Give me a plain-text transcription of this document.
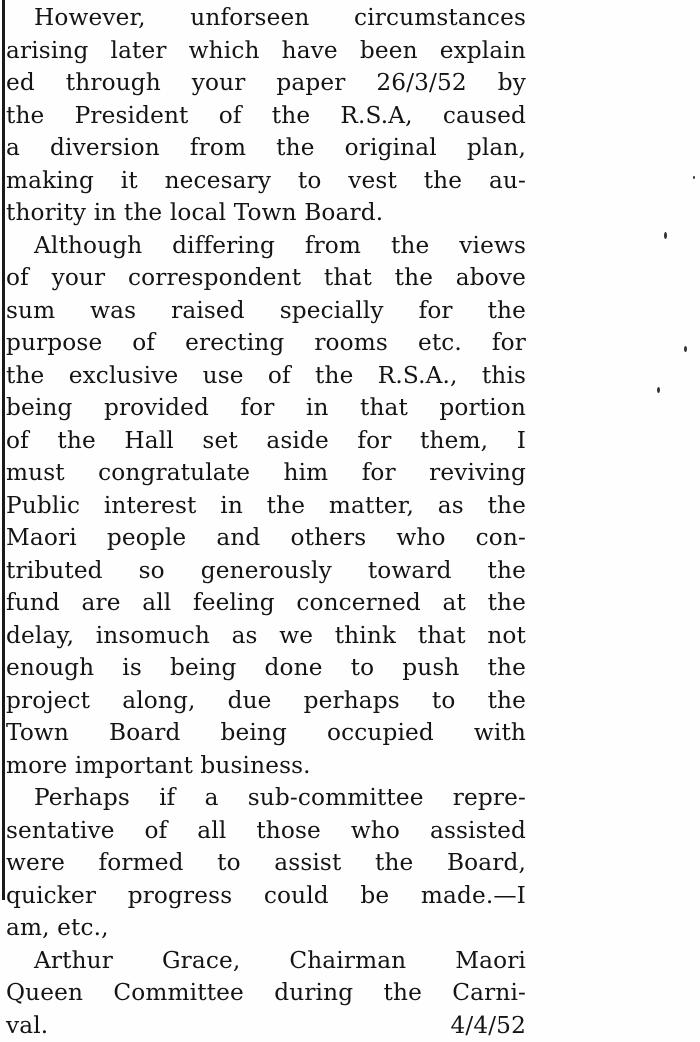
However, unforseen circumstances
arising later which have been explain
ed through your paper 26/3/52 by
the President of the R.S.A, caused
a diversion from the original plan,
making it necesary to vest the au-
thority in the local Town Board.

Although differing from the views
of your correspondent that the above
sum was raised specially for the
purpose of erecting rooms etc. for
the exclusive use of the R.S.A., this
being provided for in that portion
of the Hall set aside for them, I
must congratulate him for reviving
Public interest in the matter, as the
Maori people and others who con-
tributed so generously toward the
fund are all feeling concerned at the
delay, insomuch as we think that not
enough is being done to push the
project along, due perhaps to the
Town Board being occupied with
more important business.

Perhaps if a sub-committee repre-
sentative of all those who assisted
were formed to assist the Board,
quicker progress could be made.—I
am, etc.,

Arthur Grace, Chairman Maori
Queen Committee during the Carni-
val.	4/4/52
